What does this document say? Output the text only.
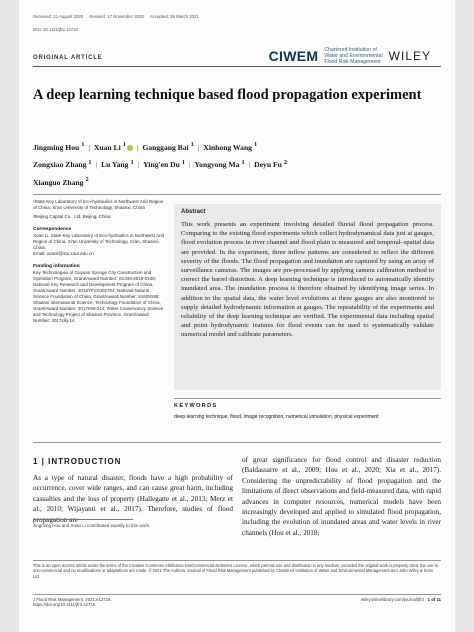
Received: 21 August 2020 Revised: 17 November 2020 Accepted: 29 March 2021
DOI: 10.1111/jfr3.12716
CIWEM Chartered Institution of
Water and Environmental
Flood Risk Management WILEY
ORIGINAL ARTICLE
A deep learning technique based flood propagation experiment
Jingming Hou $^1$ | Xuan Li $^1$ | Ganggang Bai $^1$ | Xinhong Wang $^1$
Zongxiao Zhang $^1$ | Lu Yang $^1$ | Ying'en Du $^1$ | Yongyong Ma $^1$ | Deyu Fu $^2$
Xianguo Zhang $^2$

¹State Key Laboratory of Eco-hydraulics in Northwest Arid Region of China, Xi'an University of Technology, Shaanxi, China

²Beijing Capital Co., Ltd, Beijing, China

Correspondence

Xuan Li, State Key Laboratory of Eco-hydraulics in Northwest Arid Region of China, Xi'an University of Technology, Xi'an, Shaanxi, China.

Email: xuanli@stu.xaut.edu.cn

Funding information

Key Technologies of Guyuan Sponge City Construction and Operation Program, Grant/Award Number: SCSM-2018-0106; National Key Research and Development Program of China, Grant/Award Number: 2016YFC0402704; National Natural Science Foundation of China, Grant/Award Number: 51609199; Shaanxi International Science, Technology Foundation of China, Grant/Award Number: 2017KW-014; Water Conservancy Science and Technology Project of Shaanxi Province, Grant/Award Number: 2017slkj-14

Abstract
This work presents an experiment involving detailed fluvial flood propagation process. Comparing to the existing flood experiments which collect hydrodynamical data just at gauges, flood evolution process in river channel and flood plain is measured and temporal–spatial data are provided. In the experiment, three inflow patterns are considered to reflect the different severity of the floods. The flood propagation and inundation are captured by using an array of surveillance cameras. The images are pre-processed by applying camera calibration method to correct the barrel distortion. A deep learning technique is introduced to automatically identify inundated area. The inundation process is therefore obtained by identifying image series. In addition to the spatial data, the water level evolutions at three gauges are also monitored to supply detailed hydrodynamic information at gauges. The repeatability of the experiments and reliability of the deep learning technique are verified. The experimental data including spatial and point hydrodynamic features for flood events can be used to systematically validate numerical model and calibrate parameters.
KEYWORDS
deep learning technique, flood, image recognition, numerical simulation, physical experiment
1 | INTRODUCTION
As a type of natural disaster, floods have a high probability of occurrence, cover wide ranges, and can cause great harm, including casualties and the loss of property (Hallegatte et al., 2013; Merz et al., 2010; Wijayanti et al., 2017). Therefore, studies of flood propagation are
of great significance for flood control and disaster reduction (Baldassarre et al., 2009; Hou et al., 2020; Xia et al., 2017). Considering the unpredictability of flood propagation and the limitations of direct observations and field-measured data, with rapid advances in computer resources, numerical models have been increasingly developed and applied to simulated flood propagation, including the evolution of inundated areas and water levels in river channels (Hou et al., 2018;
Jingming Hou and Xuan Li contributed equally to this work.
This is an open access article under the terms of the Creative Commons Attribution-NonCommercial-NoDerivs License, which permits use and distribution in any medium, provided the original work is properly cited, the use is non-commercial and no modifications or adaptations are made. © 2021 The Authors. Journal of Flood Risk Management published by Chartered Institution of Water and Environmental Management and John Wiley & Sons Ltd.
J Flood Risk Management. 2021;e12716.
https://doi.org/10.1111/jfr3.12716
wileyonlinelibrary.com/journal/jfr3 1 of 11
